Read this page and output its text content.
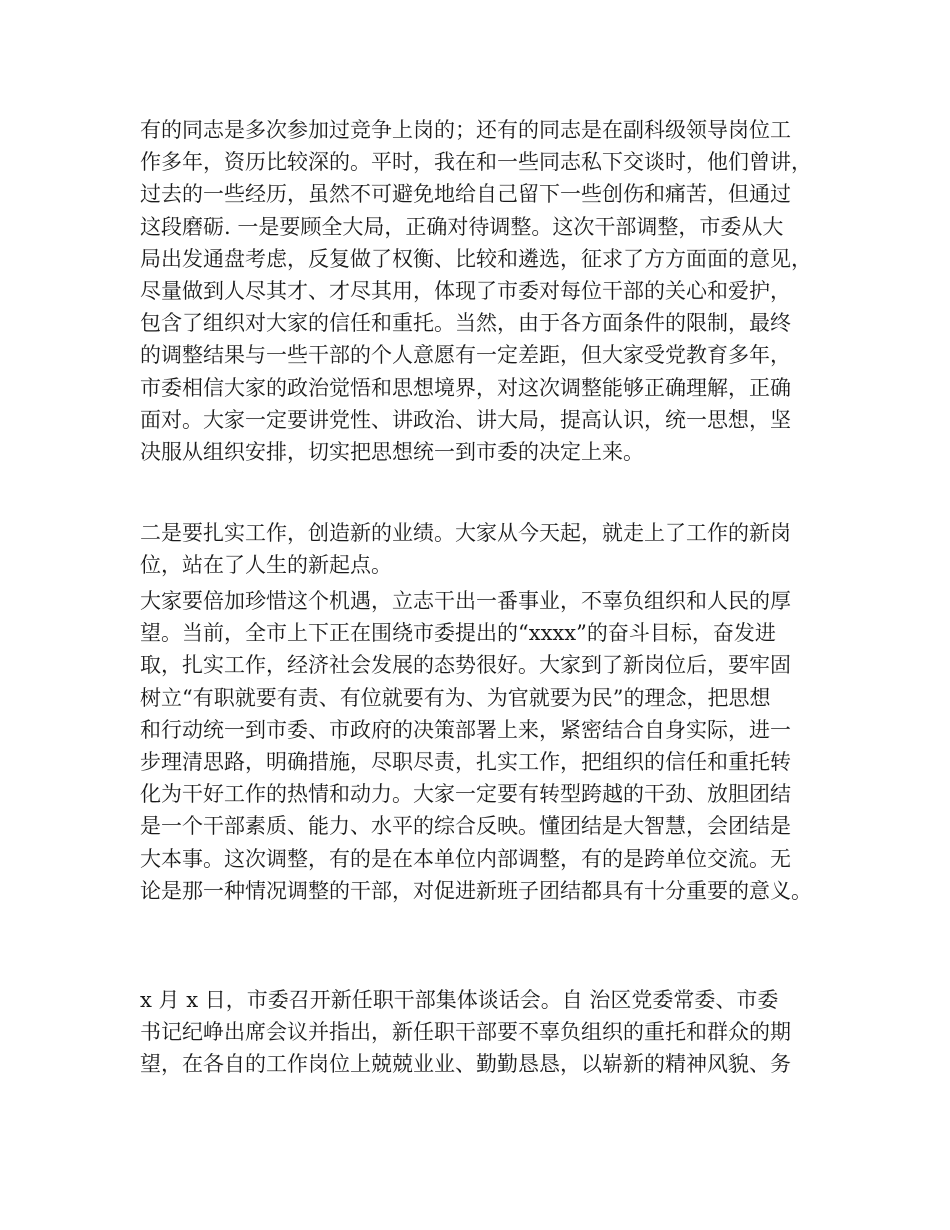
有的同志是多次参加过竞争上岗的；还有的同志是在副科级领导岗位工
作多年，资历比较深的。平时，我在和一些同志私下交谈时，他们曾讲，
过去的一些经历，虽然不可避免地给自己留下一些创伤和痛苦，但通过
这段磨砺. 一是要顾全大局，正确对待调整。这次干部调整，市委从大
局出发通盘考虑，反复做了权衡、比较和遴选，征求了方方面面的意见，
尽量做到人尽其才、才尽其用，体现了市委对每位干部的关心和爱护，
包含了组织对大家的信任和重托。当然，由于各方面条件的限制，最终
的调整结果与一些干部的个人意愿有一定差距，但大家受党教育多年，
市委相信大家的政治觉悟和思想境界，对这次调整能够正确理解，正确
面对。大家一定要讲党性、讲政治、讲大局，提高认识，统一思想，坚
决服从组织安排，切实把思想统一到市委的决定上来。
二是要扎实工作，创造新的业绩。大家从今天起，就走上了工作的新岗
位，站在了人生的新起点。
大家要倍加珍惜这个机遇，立志干出一番事业，不辜负组织和人民的厚
望。当前，全市上下正在围绕市委提出的“xxxx”的奋斗目标，奋发进
取，扎实工作，经济社会发展的态势很好。大家到了新岗位后，要牢固
树立“有职就要有责、有位就要有为、为官就要为民”的理念，把思想
和行动统一到市委、市政府的决策部署上来，紧密结合自身实际，进一
步理清思路，明确措施，尽职尽责，扎实工作，把组织的信任和重托转
化为干好工作的热情和动力。大家一定要有转型跨越的干劲、放胆团结
是一个干部素质、能力、水平的综合反映。懂团结是大智慧，会团结是
大本事。这次调整，有的是在本单位内部调整，有的是跨单位交流。无
论是那一种情况调整的干部，对促进新班子团结都具有十分重要的意义。
x 月 x 日，市委召开新任职干部集体谈话会。自 治区党委常委、市委
书记纪峥出席会议并指出，新任职干部要不辜负组织的重托和群众的期
望，在各自的工作岗位上兢兢业业、勤勤恳恳，以崭新的精神风貌、务
